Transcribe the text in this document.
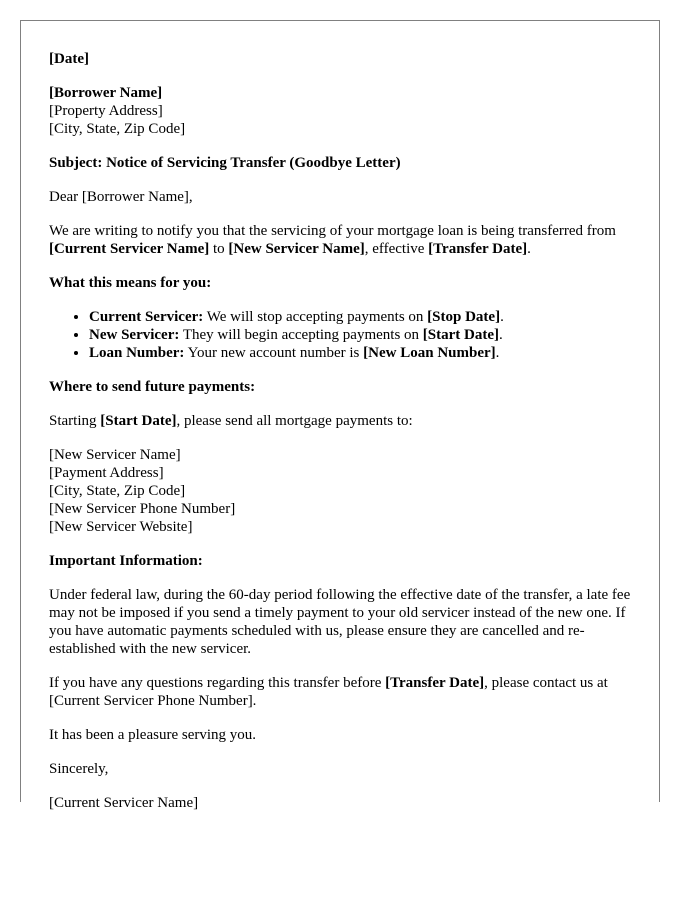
[Date]

[Borrower Name]
[Property Address]
[City, State, Zip Code]

Subject: Notice of Servicing Transfer (Goodbye Letter)

Dear [Borrower Name],

We are writing to notify you that the servicing of your mortgage loan is being transferred from [Current Servicer Name] to [New Servicer Name], effective [Transfer Date].

What this means for you:

• Current Servicer: We will stop accepting payments on [Stop Date].
• New Servicer: They will begin accepting payments on [Start Date].
• Loan Number: Your new account number is [New Loan Number].

Where to send future payments:

Starting [Start Date], please send all mortgage payments to:

[New Servicer Name]
[Payment Address]
[City, State, Zip Code]
[New Servicer Phone Number]
[New Servicer Website]

Important Information:

Under federal law, during the 60-day period following the effective date of the transfer, a late fee may not be imposed if you send a timely payment to your old servicer instead of the new one. If you have automatic payments scheduled with us, please ensure they are cancelled and re-established with the new servicer.

If you have any questions regarding this transfer before [Transfer Date], please contact us at [Current Servicer Phone Number].

It has been a pleasure serving you.

Sincerely,

[Current Servicer Name]
